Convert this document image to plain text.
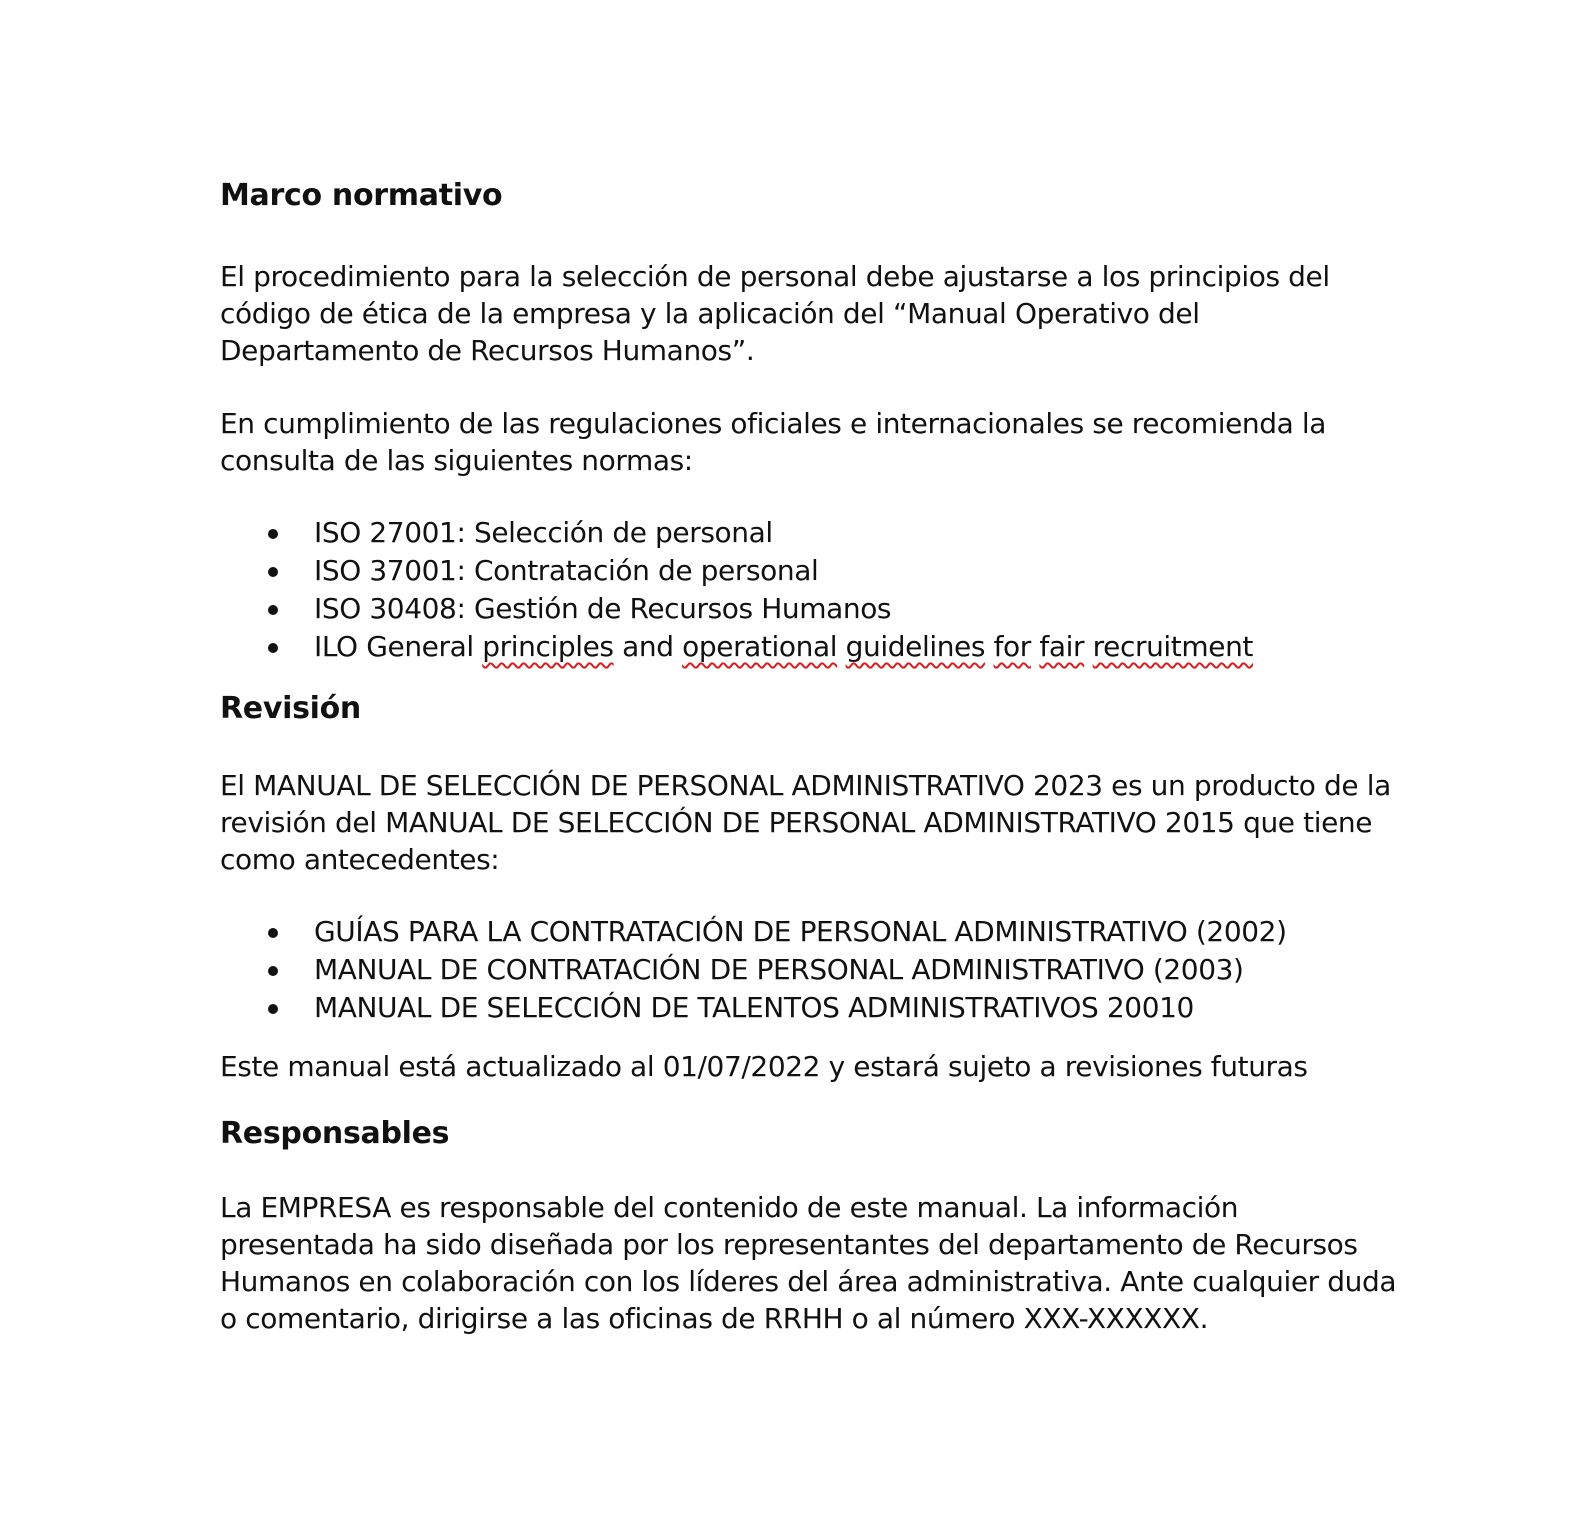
Marco normativo

El procedimiento para la selección de personal debe ajustarse a los principios del código de ética de la empresa y la aplicación del “Manual Operativo del Departamento de Recursos Humanos”.

En cumplimiento de las regulaciones oficiales e internacionales se recomienda la consulta de las siguientes normas:

ISO 27001: Selección de personal
ISO 37001: Contratación de personal
ISO 30408: Gestión de Recursos Humanos
ILO General principles and operational guidelines for fair recruitment
Revisión

El MANUAL DE SELECCIÓN DE PERSONAL ADMINISTRATIVO 2023 es un producto de la revisión del MANUAL DE SELECCIÓN DE PERSONAL ADMINISTRATIVO 2015 que tiene como antecedentes:

GUÍAS PARA LA CONTRATACIÓN DE PERSONAL ADMINISTRATIVO (2002)
MANUAL DE CONTRATACIÓN DE PERSONAL ADMINISTRATIVO (2003)
MANUAL DE SELECCIÓN DE TALENTOS ADMINISTRATIVOS 20010

Este manual está actualizado al 01/07/2022 y estará sujeto a revisiones futuras

Responsables

La EMPRESA es responsable del contenido de este manual. La información presentada ha sido diseñada por los representantes del departamento de Recursos Humanos en colaboración con los líderes del área administrativa. Ante cualquier duda o comentario, dirigirse a las oficinas de RRHH o al número XXX-XXXXXX.
